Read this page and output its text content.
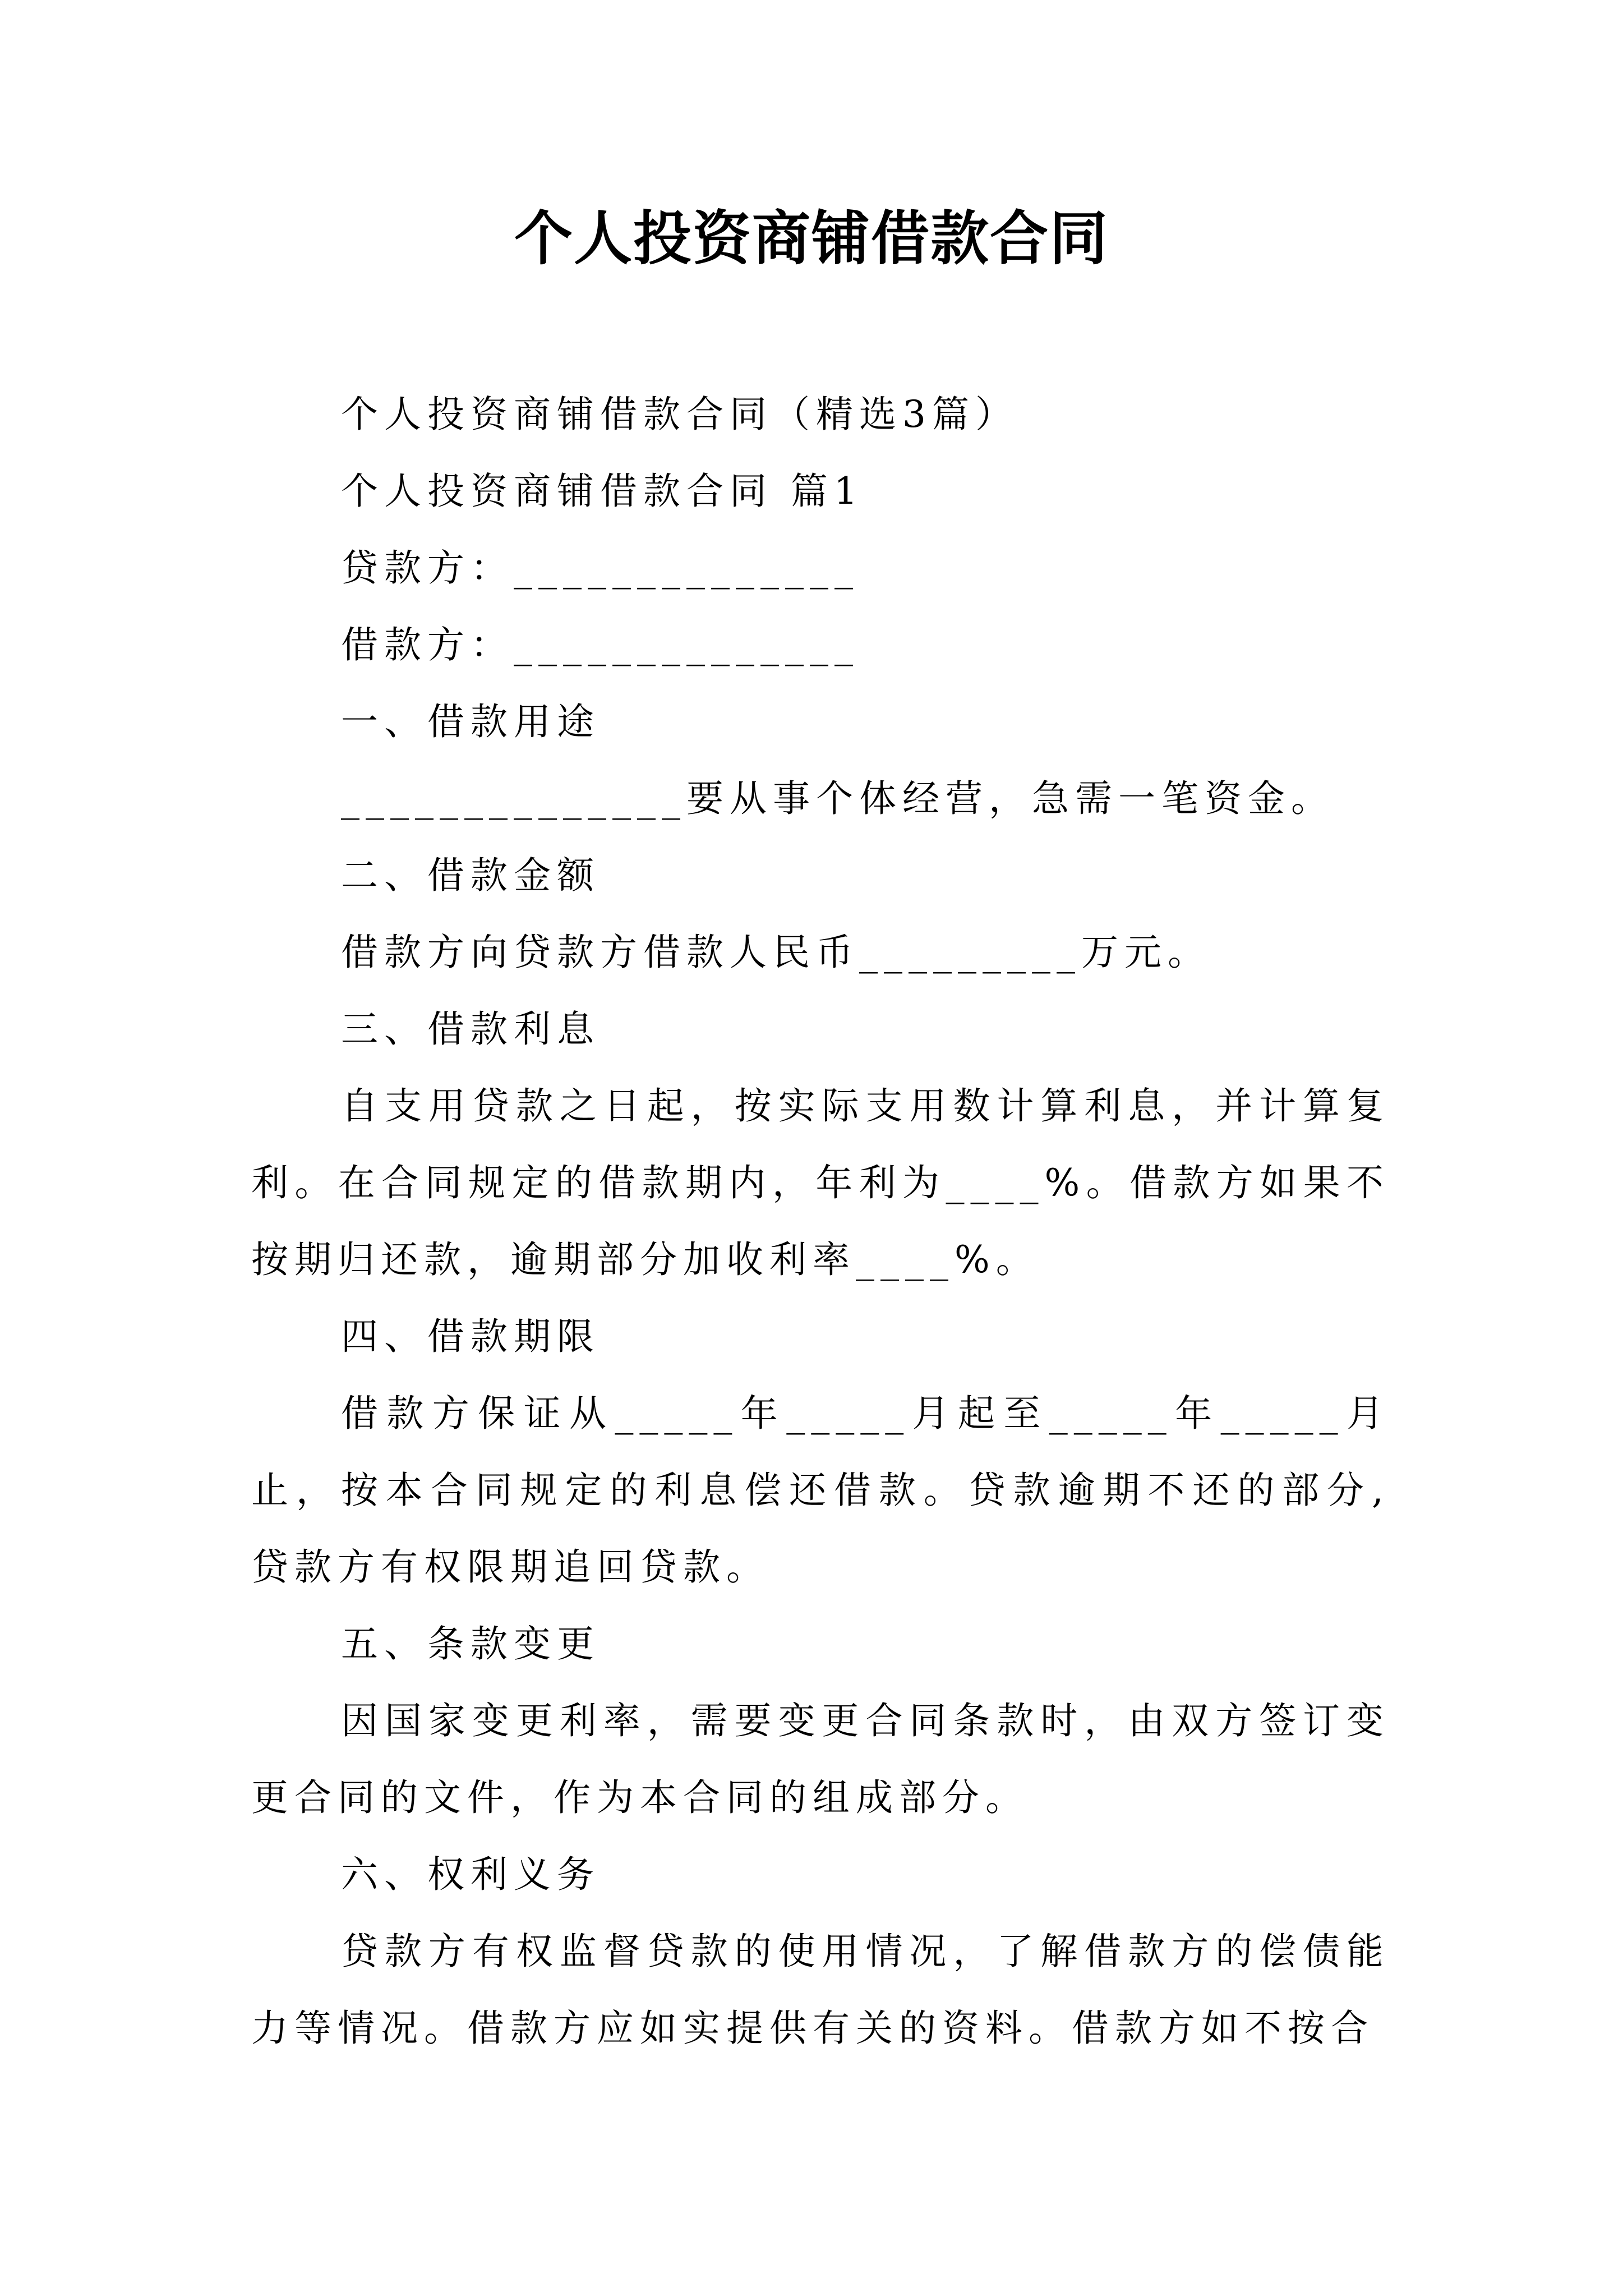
个人投资商铺借款合同

个人投资商铺借款合同（精选3篇）

个人投资商铺借款合同 篇1

贷款方：______________

借款方：______________

一、借款用途

______________要从事个体经营，急需一笔资金。

二、借款金额

借款方向贷款方借款人民币_________万元。

三、借款利息

自支用贷款之日起，按实际支用数计算利息，并计算复利。在合同规定的借款期内，年利为____%。借款方如果不按期归还款，逾期部分加收利率____%。

四、借款期限

借款方保证从_____年_____月起至_____年_____月止，按本合同规定的利息偿还借款。贷款逾期不还的部分,贷款方有权限期追回贷款。

五、条款变更

因国家变更利率，需要变更合同条款时，由双方签订变更合同的文件，作为本合同的组成部分。

六、权利义务

贷款方有权监督贷款的使用情况，了解借款方的偿债能力等情况。借款方应如实提供有关的资料。借款方如不按合
